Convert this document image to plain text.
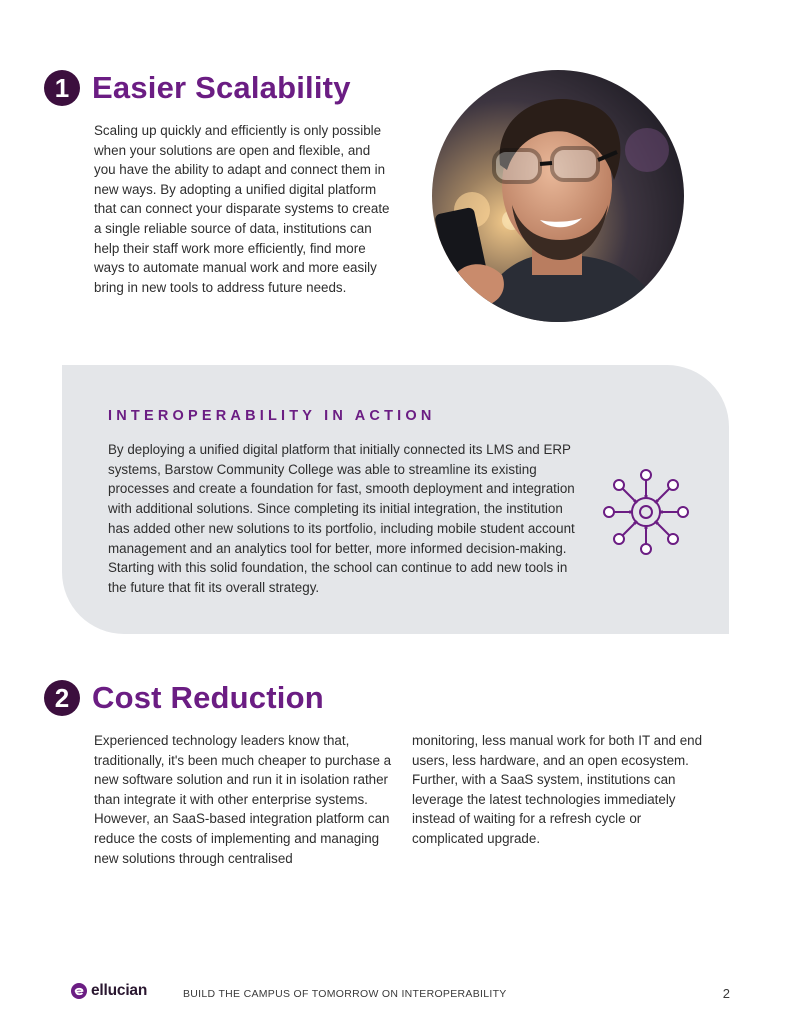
1 Easier Scalability

Scaling up quickly and efficiently is only possible when your solutions are open and flexible, and you have the ability to adapt and connect them in new ways. By adopting a unified digital platform that can connect your disparate systems to create a single reliable source of data, institutions can help their staff work more efficiently, find more ways to automate manual work and more easily bring in new tools to address future needs.

INTEROPERABILITY IN ACTION
By deploying a unified digital platform that initially connected its LMS and ERP systems, Barstow Community College was able to streamline its existing processes and create a foundation for fast, smooth deployment and integration with additional solutions. Since completing its initial integration, the institution has added other new solutions to its portfolio, including mobile student account management and an analytics tool for better, more informed decision-making. Starting with this solid foundation, the school can continue to add new tools in the future that fit its overall strategy.
2 Cost Reduction

Experienced technology leaders know that, traditionally, it's been much cheaper to purchase a new software solution and run it in isolation rather than integrate it with other enterprise systems. However, an SaaS-based integration platform can reduce the costs of implementing and managing new solutions through centralised

monitoring, less manual work for both IT and end users, less hardware, and an open ecosystem. Further, with a SaaS system, institutions can leverage the latest technologies immediately instead of waiting for a refresh cycle or complicated upgrade.

ellucian	BUILD THE CAMPUS OF TOMORROW ON INTEROPERABILITY	2
